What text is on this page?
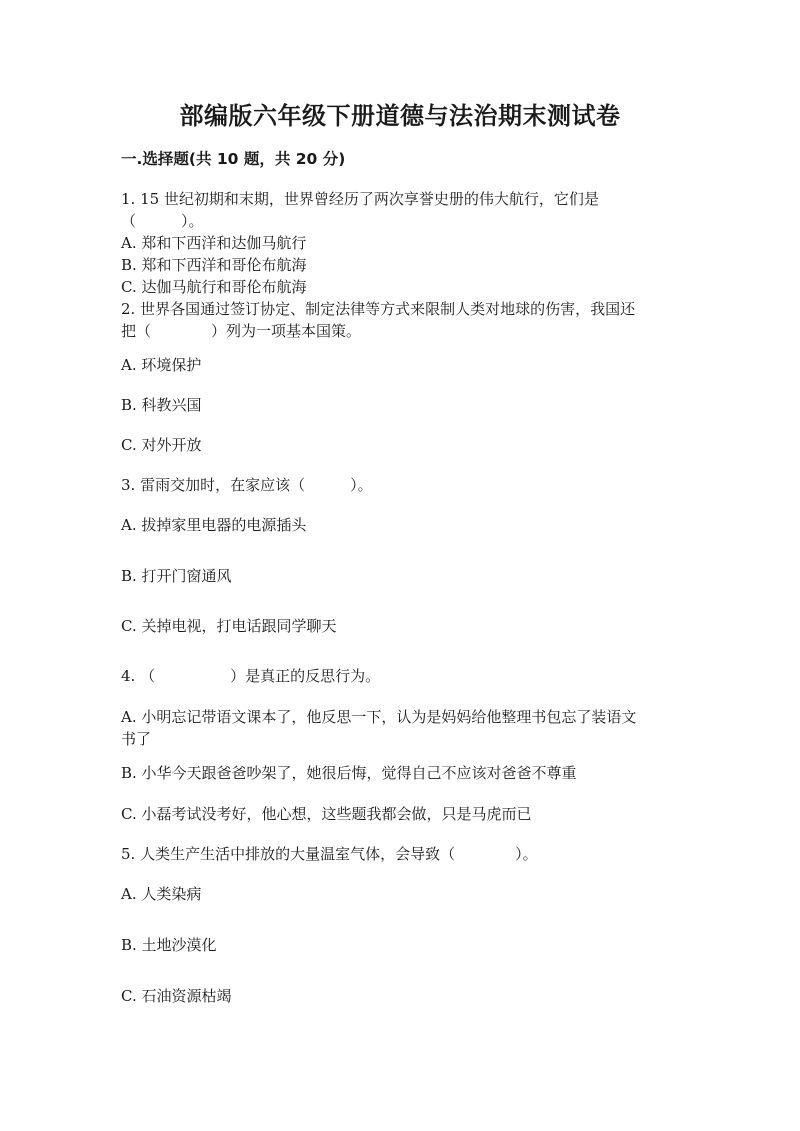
部编版六年级下册道德与法治期末测试卷
一.选择题(共 10 题，共 20 分)
1. 15 世纪初期和末期，世界曾经历了两次享誉史册的伟大航行，它们是
（　　　）。
A. 郑和下西洋和达伽马航行
B. 郑和下西洋和哥伦布航海
C. 达伽马航行和哥伦布航海
2. 世界各国通过签订协定、制定法律等方式来限制人类对地球的伤害，我国还
把（　　　　）列为一项基本国策。
A. 环境保护
B. 科教兴国
C. 对外开放
3. 雷雨交加时，在家应该（　　　）。
A. 拔掉家里电器的电源插头
B. 打开门窗通风
C. 关掉电视，打电话跟同学聊天
4. （　　　　　）是真正的反思行为。
A. 小明忘记带语文课本了，他反思一下，认为是妈妈给他整理书包忘了装语文
书了
B. 小华今天跟爸爸吵架了，她很后悔，觉得自己不应该对爸爸不尊重
C. 小磊考试没考好，他心想，这些题我都会做，只是马虎而已
5. 人类生产生活中排放的大量温室气体，会导致（　　　　）。
A. 人类染病
B. 土地沙漠化
C. 石油资源枯竭
